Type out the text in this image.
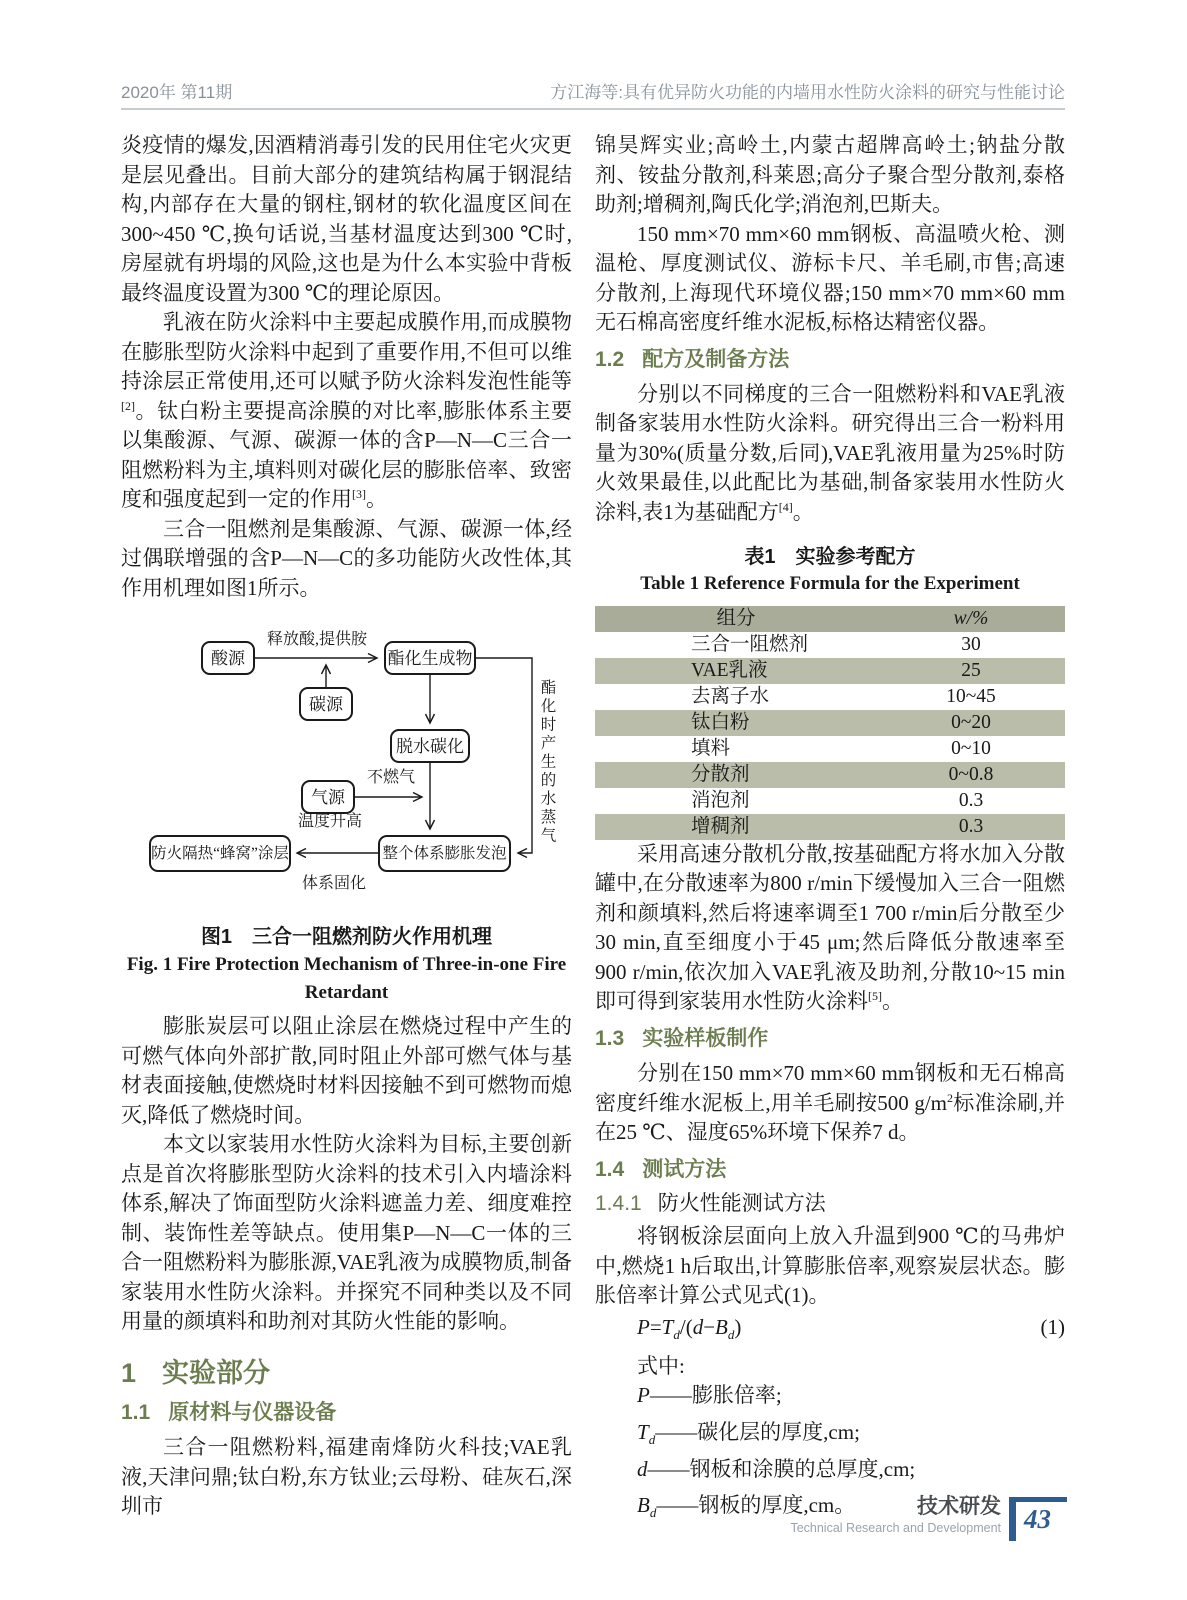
2020年 第11期	方江海等:具有优异防火功能的内墙用水性防火涂料的研究与性能讨论

炎疫情的爆发,因酒精消毒引发的民用住宅火灾更是层见叠出。目前大部分的建筑结构属于钢混结构,内部存在大量的钢柱,钢材的软化温度区间在300~450 ℃,换句话说,当基材温度达到300 ℃时,房屋就有坍塌的风险,这也是为什么本实验中背板最终温度设置为300 ℃的理论原因。

乳液在防火涂料中主要起成膜作用,而成膜物在膨胀型防火涂料中起到了重要作用,不但可以维持涂层正常使用,还可以赋予防火涂料发泡性能等[2]。钛白粉主要提高涂膜的对比率,膨胀体系主要以集酸源、气源、碳源一体的含P—N—C三合一阻燃粉料为主,填料则对碳化层的膨胀倍率、致密度和强度起到一定的作用[3]。

三合一阻燃剂是集酸源、气源、碳源一体,经过偶联增强的含P—N—C的多功能防火改性体,其作用机理如图1所示。

酸源	酯化生成物
碳源
脱水碳化
气源
整个体系膨胀发泡
防火隔热“蜂窝”涂层
释放酸,提供胺
不燃气
温度升高
体系固化
酯化时产生的水蒸气
图1　三合一阻燃剂防火作用机理
Fig. 1 Fire Protection Mechanism of Three-in-one Fire
Retardant

膨胀炭层可以阻止涂层在燃烧过程中产生的可燃气体向外部扩散,同时阻止外部可燃气体与基材表面接触,使燃烧时材料因接触不到可燃物而熄灭,降低了燃烧时间。

本文以家装用水性防火涂料为目标,主要创新点是首次将膨胀型防火涂料的技术引入内墙涂料体系,解决了饰面型防火涂料遮盖力差、细度难控制、装饰性差等缺点。使用集P—N—C一体的三合一阻燃粉料为膨胀源,VAE乳液为成膜物质,制备家装用水性防火涂料。并探究不同种类以及不同用量的颜填料和助剂对其防火性能的影响。

1 实验部分
1.1 原材料与仪器设备

三合一阻燃粉料,福建南烽防火科技;VAE乳液,天津问鼎;钛白粉,东方钛业;云母粉、硅灰石,深圳市

锦昊辉实业;高岭土,内蒙古超牌高岭土;钠盐分散剂、铵盐分散剂,科莱恩;高分子聚合型分散剂,泰格助剂;增稠剂,陶氏化学;消泡剂,巴斯夫。

150 mm×70 mm×60 mm钢板、高温喷火枪、测温枪、厚度测试仪、游标卡尺、羊毛刷,市售;高速分散剂,上海现代环境仪器;150 mm×70 mm×60 mm无石棉高密度纤维水泥板,标格达精密仪器。

1.2 配方及制备方法

分别以不同梯度的三合一阻燃粉料和VAE乳液制备家装用水性防火涂料。研究得出三合一粉料用量为30%(质量分数,后同),VAE乳液用量为25%时防火效果最佳,以此配比为基础,制备家装用水性防火涂料,表1为基础配方[4]。

表1　实验参考配方
Table 1 Reference Formula for the Experiment
组分	w/%
三合一阻燃剂	30
VAE乳液	25
去离子水	10~45
钛白粉	0~20
填料	0~10
分散剂	0~0.8
消泡剂	0.3
增稠剂	0.3

采用高速分散机分散,按基础配方将水加入分散罐中,在分散速率为800 r/min下缓慢加入三合一阻燃剂和颜填料,然后将速率调至1 700 r/min后分散至少30 min,直至细度小于45 μm;然后降低分散速率至900 r/min,依次加入VAE乳液及助剂,分散10~15 min即可得到家装用水性防火涂料[5]。

1.3 实验样板制作

分别在150 mm×70 mm×60 mm钢板和无石棉高密度纤维水泥板上,用羊毛刷按500 g/m$^2$标准涂刷,并在25 ℃、湿度65%环境下保养7 d。

1.4 测试方法
1.4.1 防火性能测试方法

将钢板涂层面向上放入升温到900 ℃的马弗炉中,燃烧1 h后取出,计算膨胀倍率,观察炭层状态。膨胀倍率计算公式见式(1)。

$P=T_d/(d-B_d)$	(1)
式中:
P——膨胀倍率;
$T_d——$碳化层的厚度,cm;
d——钢板和涂膜的总厚度,cm;
$B_d——$钢板的厚度,cm。	技术研发
Technical Research and Development 43
